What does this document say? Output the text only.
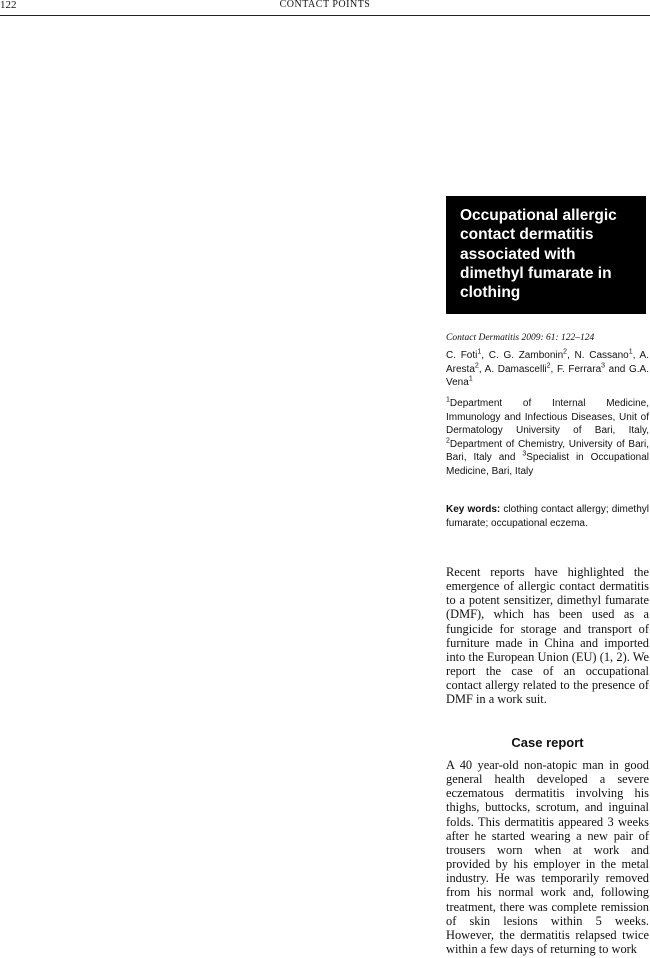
122	CONTACT POINTS
Occupational allergic contact dermatitis associated with dimethyl fumarate in clothing
Contact Dermatitis 2009: 61: 122–124
C. Foti$^1$, C. G. Zambonin$^2$, N. Cassano$^1$, A. Aresta$^2$, A. Damascelli$^2$, F. Ferrara$^3$ and G.A. Vena$^1$
$^1$Department of Internal Medicine, Immunology and Infectious Diseases, Unit of Dermatology University of Bari, Italy, $^2$Department of Chemistry, University of Bari, Bari, Italy and $^3$Specialist in Occupational Medicine, Bari, Italy
Key words: clothing contact allergy; dimethyl fumarate; occupational eczema.
Recent reports have highlighted the emergence of allergic contact dermatitis to a potent sensitizer, dimethyl fumarate (DMF), which has been used as a fungicide for storage and transport of furniture made in China and imported into the European Union (EU) (1, 2). We report the case of an occupational contact allergy related to the presence of DMF in a work suit.
Case report
A 40 year-old non-atopic man in good general health developed a severe eczematous dermatitis involving his thighs, buttocks, scrotum, and inguinal folds. This dermatitis appeared 3 weeks after he started wearing a new pair of trousers worn when at work and provided by his employer in the metal industry. He was temporarily removed from his normal work and, following treatment, there was complete remission of skin lesions within 5 weeks. However, the dermatitis relapsed twice within a few days of returning to work
